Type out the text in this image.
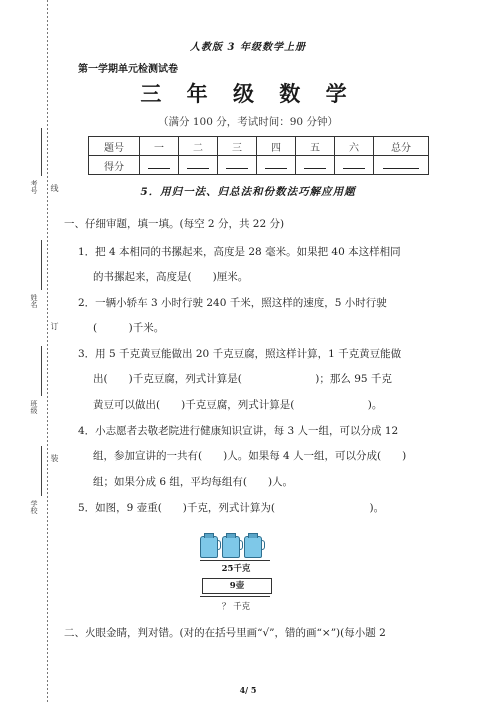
考号 线
姓名
订
班级
装
学校
人教版 3 年级数学上册
第一学期单元检测试卷
三 年 级 数 学
（满分 100 分，考试时间：90 分钟）
题号	一	二	三	四	五	六	总分
得分							
5．用归一法、归总法和份数法巧解应用题
一、仔细审题，填一填。(每空 2 分，共 22 分)
1．把 4 本相同的书摞起来，高度是 28 毫米。如果把 40 本这样相同
的书摞起来，高度是(　　)厘米。
2．一辆小轿车 3 小时行驶 240 千米，照这样的速度，5 小时行驶
(　　　)千米。
3．用 5 千克黄豆能做出 20 千克豆腐，照这样计算，1 千克黄豆能做
出(　　)千克豆腐，列式计算是(　　　　　　　)；那么 95 千克
黄豆可以做出(　　)千克豆腐，列式计算是(　　　　　　　)。
4．小志愿者去敬老院进行健康知识宣讲，每 3 人一组，可以分成 12
组，参加宣讲的一共有(　　)人。如果每 4 人一组，可以分成(　　)
组；如果分成 6 组，平均每组有(　　)人。
5．如图，9 壶重(　　)千克，列式计算为(　　　　　　　　　)。
25千克
9壶
？ 千克
二、火眼金睛，判对错。(对的在括号里画“√”，错的画“×”)(每小题 2
4/ 5
